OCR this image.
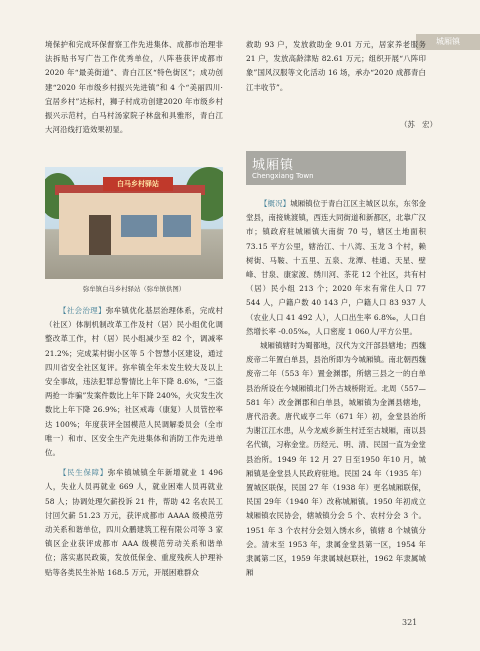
城厢镇

境保护和完成环保督察工作先进集体、成都市治理非法拆贴书写广告工作优秀单位，八阵巷获评成都市 2020 年“最美街道”、青白江区“特色街区”；成功创建“2020 年市级乡村振兴先进镇”和 4 个“美丽四川·宜居乡村”达标村，狮子村成功创建2020 年市级乡村振兴示范村，白马村汤家院子林盘和具雅形，青白江大河沿线打造效果初显。

白马乡村驿站
弥牟镇白马乡村驿站（弥牟镇供图）

【社会治理】弥牟镇优化基层治理体系，完成村（社区）体制机制改革工作及村（居）民小组优化调整改革工作，村（居）民小组减少至 82 个，调减率 21.2%；完成某村街小区等 5 个智慧小区建设，通过四川省安全社区复评。弥牟镇全年未发生较大及以上安全事故，违法犯罪总警情比上年下降 8.6%，“三盗两抢一诈骗”发案件数比上年下降 240%，火灾发生次数比上年下降 26.9%；社区戒毒（康复）人员管控率达 100%；年度获评全国模范人民调解委员会（全市唯一）和市、区安全生产先进集体和消防工作先进单位。

【民生保障】弥牟镇城镇全年新增就业 1 496 人，失业人员再就业 669 人，就业困难人员再就业 58 人；协调处理欠薪投诉 21 件，帮助 42 名农民工讨回欠薪 51.23 万元，获评成都市 AAAA 级模范劳动关系和谐单位，四川众鹏建筑工程有限公司等 3 家镇区企业获评成都市 AAA 级模范劳动关系和谐单位；落实惠民政策，发放低保金、重度残疾人护理补贴等各类民生补贴 168.5 万元，开展困难群众

救助 93 户，发放救助金 9.01 万元，居家养老服务 21 户，发放高龄津贴 82.61 万元；组织开展“八阵印象”国风汉服等文化活动 16 场，承办“2020 成都青白江丰收节”。

（苏　宏）
城厢镇
Chengxiang Town

【概况】城厢镇位于青白江区主城区以东，东邻金堂县，南接姚渡镇，西连大同街道和新都区，北靠广汉市；镇政府驻城厢镇大南街 70 号，辖区土地面积 73.15 平方公里，辖治江、十八湾、玉龙 3 个村，赖树街、马鞍、十五里、五泉、龙潭、桂通、天星、壁峰、甘泉、康家渡、绣川河、茶花 12 个社区，共有村（居）民小组 213 个；2020 年末有常住人口 77 544 人，户籍户数 40 143 户，户籍人口 83 937 人（农业人口 41 492 人），人口出生率 6.8‰，人口自然增长率 -0.05‰，人口密度 1 060人/平方公里。

城厢镇辖时为蜀都地，汉代为文汗部县辖地；西魏废帝二年置白单县，县治所即为今城厢镇。南北朝西魏废帝二年（553 年）置金渊郡，所辖三县之一的白单县治所设在今城厢镇北门外古城桥附近。北周（557—581 年）改金渊郡和白单县，城厢镇为金渊县辖地，唐代沿袭。唐代咸亨二年（671 年）初，金堂县治所为谢江江水患，从今龙威乡新生村迁至古城厢，南以县名代镇，习称金堂。历经元、明、清、民国一直为金堂县治所。1949 年 12 月 27 日至1950 年10 月，城厢镇是金堂县人民政府驻地。民国 24 年（1935 年）置城区联保，民国 27 年（1938 年）更名城厢联保，民国 29年（1940 年）改称城厢镇。1950 年初成立城厢镇农民协会，辖城镇分会 5 个、农村分会 3 个。1951 年 3 个农村分会划入绣水乡，镇辖 8 个城镇分会。清末至 1953 年，隶属金堂县第一区，1954 年隶属第二区，1959 年隶属城赵联社，1962 年隶属城厢

321
